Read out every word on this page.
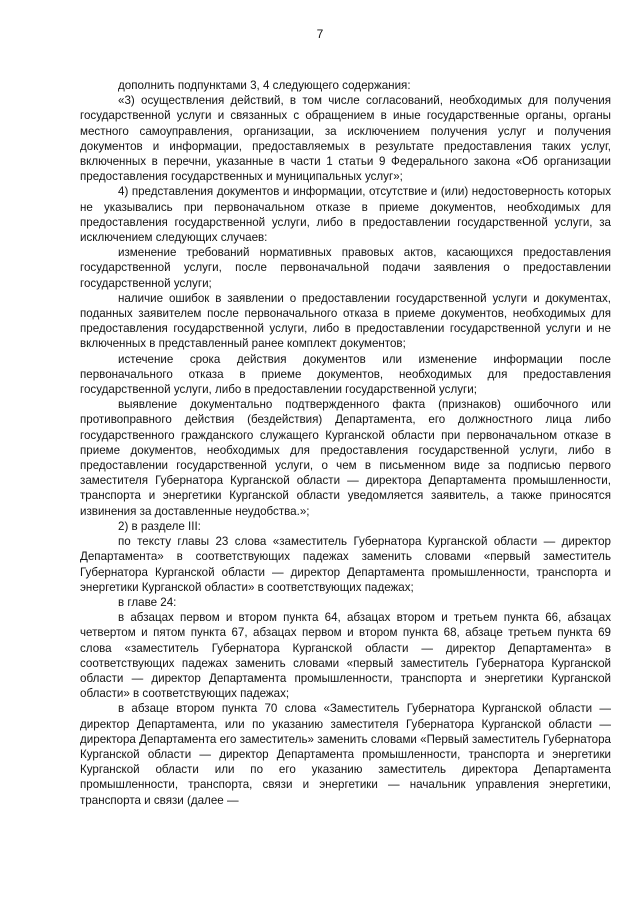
7

дополнить подпунктами 3, 4 следующего содержания:

«3) осуществления действий, в том числе согласований, необходимых для получения государственной услуги и связанных с обращением в иные государственные органы, органы местного самоуправления, организации, за исключением получения услуг и получения документов и информации, предоставляемых в результате предоставления таких услуг, включенных в перечни, указанные в части 1 статьи 9 Федерального закона «Об организации предоставления государственных и муниципальных услуг»;

4) представления документов и информации, отсутствие и (или) недостоверность которых не указывались при первоначальном отказе в приеме документов, необходимых для предоставления государственной услуги, либо в предоставлении государственной услуги, за исключением следующих случаев:

изменение требований нормативных правовых актов, касающихся предоставления государственной услуги, после первоначальной подачи заявления о предоставлении государственной услуги;

наличие ошибок в заявлении о предоставлении государственной услуги и документах, поданных заявителем после первоначального отказа в приеме документов, необходимых для предоставления государственной услуги, либо в предоставлении государственной услуги и не включенных в представленный ранее комплект документов;

истечение срока действия документов или изменение информации после первоначального отказа в приеме документов, необходимых для предоставления государственной услуги, либо в предоставлении государственной услуги;

выявление документально подтвержденного факта (признаков) ошибочного или противоправного действия (бездействия) Департамента, его должностного лица либо государственного гражданского служащего Курганской области при первоначальном отказе в приеме документов, необходимых для предоставления государственной услуги, либо в предоставлении государственной услуги, о чем в письменном виде за подписью первого заместителя Губернатора Курганской области — директора Департамента промышленности, транспорта и энергетики Курганской области уведомляется заявитель, а также приносятся извинения за доставленные неудобства.»;

2) в разделе III:

по тексту главы 23 слова «заместитель Губернатора Курганской области — директор Департамента» в соответствующих падежах заменить словами «первый заместитель Губернатора Курганской области — директор Департамента промышленности, транспорта и энергетики Курганской области» в соответствующих падежах;

в главе 24:

в абзацах первом и втором пункта 64, абзацах втором и третьем пункта 66, абзацах четвертом и пятом пункта 67, абзацах первом и втором пункта 68, абзаце третьем пункта 69 слова «заместитель Губернатора Курганской области — директор Департамента» в соответствующих падежах заменить словами «первый заместитель Губернатора Курганской области — директор Департамента промышленности, транспорта и энергетики Курганской области» в соответствующих падежах;

в абзаце втором пункта 70 слова «Заместитель Губернатора Курганской области — директор Департамента, или по указанию заместителя Губернатора Курганской области — директора Департамента его заместитель» заменить словами «Первый заместитель Губернатора Курганской области — директор Департамента промышленности, транспорта и энергетики Курганской области или по его указанию заместитель директора Департамента промышленности, транспорта, связи и энергетики — начальник управления энергетики, транспорта и связи (далее —
